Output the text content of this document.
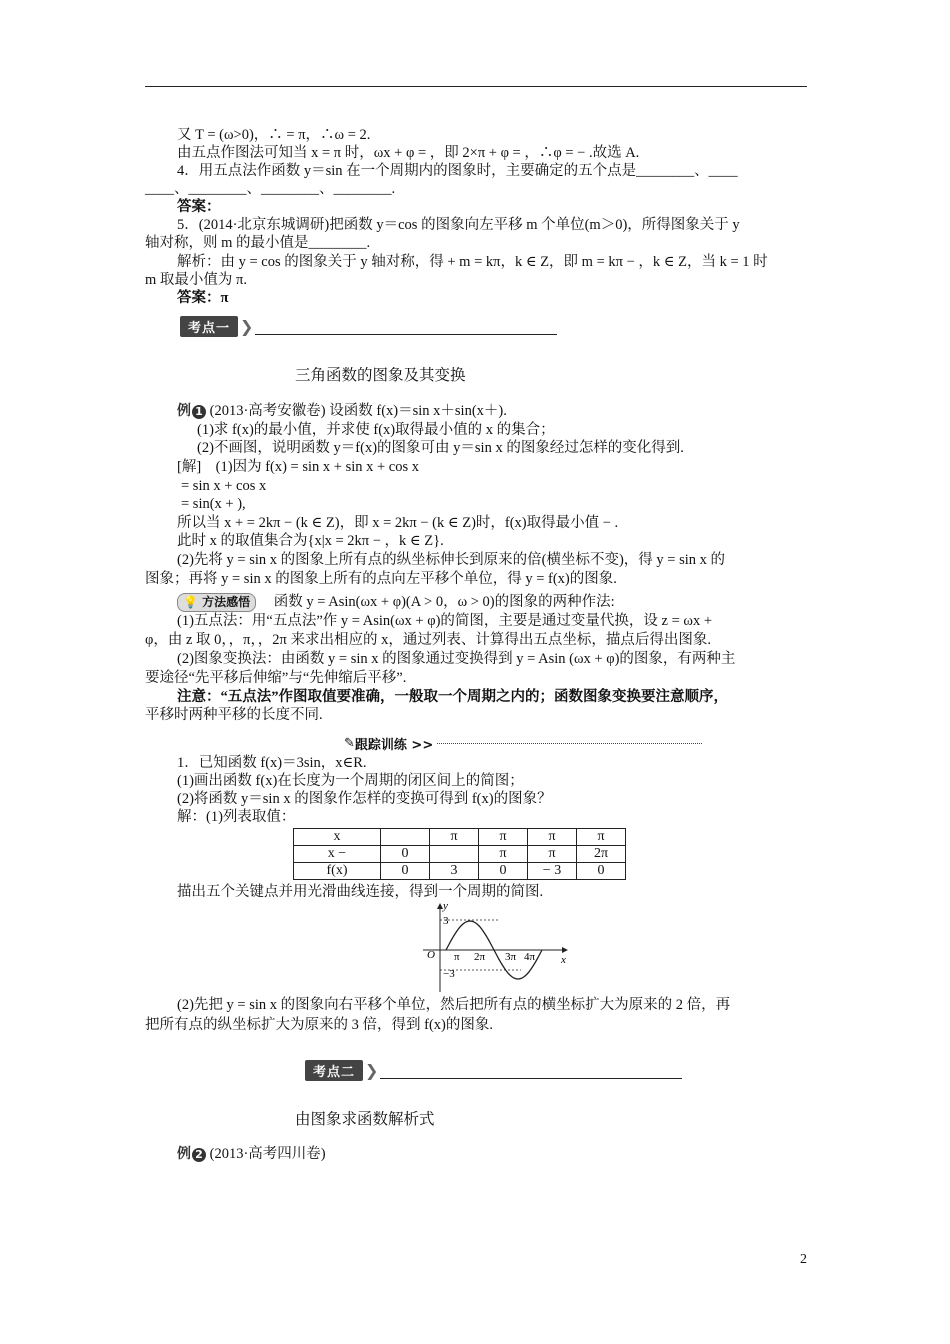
又 T = (ω>0)，∴ = π，∴ω = 2.
由五点作图法可知当 x = π 时，ωx + φ = ，即 2×π + φ = ，∴φ = − .故选 A.
4．用五点法作函数 y＝sin 在一个周期内的图象时，主要确定的五个点是________、____
____、________、________、________.
答案：
5．(2014·北京东城调研)把函数 y＝cos 的图象向左平移 m 个单位(m＞0)，所得图象关于 y
轴对称，则 m 的最小值是________.
解析：由 y = cos 的图象关于 y 轴对称，得 + m = kπ，k ∈ Z，即 m = kπ − ，k ∈ Z，当 k = 1 时
m 取最小值为 π.
答案：π
考点一 ❯
三角函数的图象及其变换
例 1 (2013·高考安徽卷) 设函数 f(x)＝sin x＋sin(x＋).
(1)求 f(x)的最小值，并求使 f(x)取得最小值的 x 的集合；
(2)不画图，说明函数 y＝f(x)的图象可由 y＝sin x 的图象经过怎样的变化得到.
[解]　(1)因为 f(x) = sin x + sin x + cos x
= sin x + cos x
= sin(x + ),
所以当 x + = 2kπ − (k ∈ Z)，即 x = 2kπ − (k ∈ Z)时，f(x)取得最小值 − .
此时 x 的取值集合为{x|x = 2kπ − ，k ∈ Z}.
(2)先将 y = sin x 的图象上所有点的纵坐标伸长到原来的倍(横坐标不变)，得 y = sin x 的
图象；再将 y = sin x 的图象上所有的点向左平移个单位，得 y = f(x)的图象.
💡 方法感悟 函数 y = Asin(ωx + φ)(A > 0，ω > 0)的图象的两种作法:
(1)五点法：用“五点法”作 y = Asin(ωx + φ)的简图，主要是通过变量代换，设 z = ωx +
φ，由 z 取 0，，π，，2π 来求出相应的 x，通过列表、计算得出五点坐标，描点后得出图象.
(2)图象变换法：由函数 y = sin x 的图象通过变换得到 y = Asin (ωx + φ)的图象，有两种主
要途径“先平移后伸缩”与“先伸缩后平移”.
注意：“五点法”作图取值要准确，一般取一个周期之内的；函数图象变换要注意顺序，
平移时两种平移的长度不同.
✎ 跟踪训练 >>
1．已知函数 f(x)＝3sin，x∈R.
(1)画出函数 f(x)在长度为一个周期的闭区间上的简图；
(2)将函数 y＝sin x 的图象作怎样的变换可得到 f(x)的图象？
解：(1)列表取值：
x		π	π	π	π
x −	0		π	π	2π
f(x)	0	3	0	− 3	0
描出五个关键点并用光滑曲线连接，得到一个周期的简图.
y
x
O
3
−3
π 2π 3π 4π
(2)先把 y = sin x 的图象向右平移个单位，然后把所有点的横坐标扩大为原来的 2 倍，再
把所有点的纵坐标扩大为原来的 3 倍，得到 f(x)的图象.
考点二 ❯
由图象求函数解析式
例 2 (2013·高考四川卷)
2
